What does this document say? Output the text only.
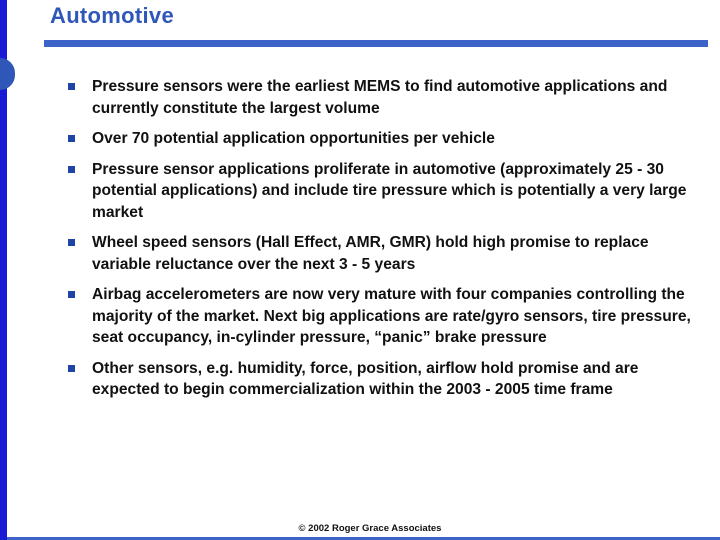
Automotive
Pressure sensors were the earliest MEMS to find automotive applications and currently constitute the largest volume
Over 70 potential application opportunities per vehicle
Pressure sensor applications proliferate in automotive (approximately 25 - 30 potential applications) and include tire pressure which is potentially a very large market
Wheel speed sensors (Hall Effect, AMR, GMR) hold high promise to replace variable reluctance over the next 3 - 5 years
Airbag accelerometers are now very mature with four companies controlling the majority of the market. Next big applications are rate/gyro sensors, tire pressure, seat occupancy, in-cylinder pressure, “panic” brake pressure
Other sensors, e.g. humidity, force, position, airflow hold promise and are expected to begin commercialization within the 2003 - 2005 time frame
© 2002 Roger Grace Associates
